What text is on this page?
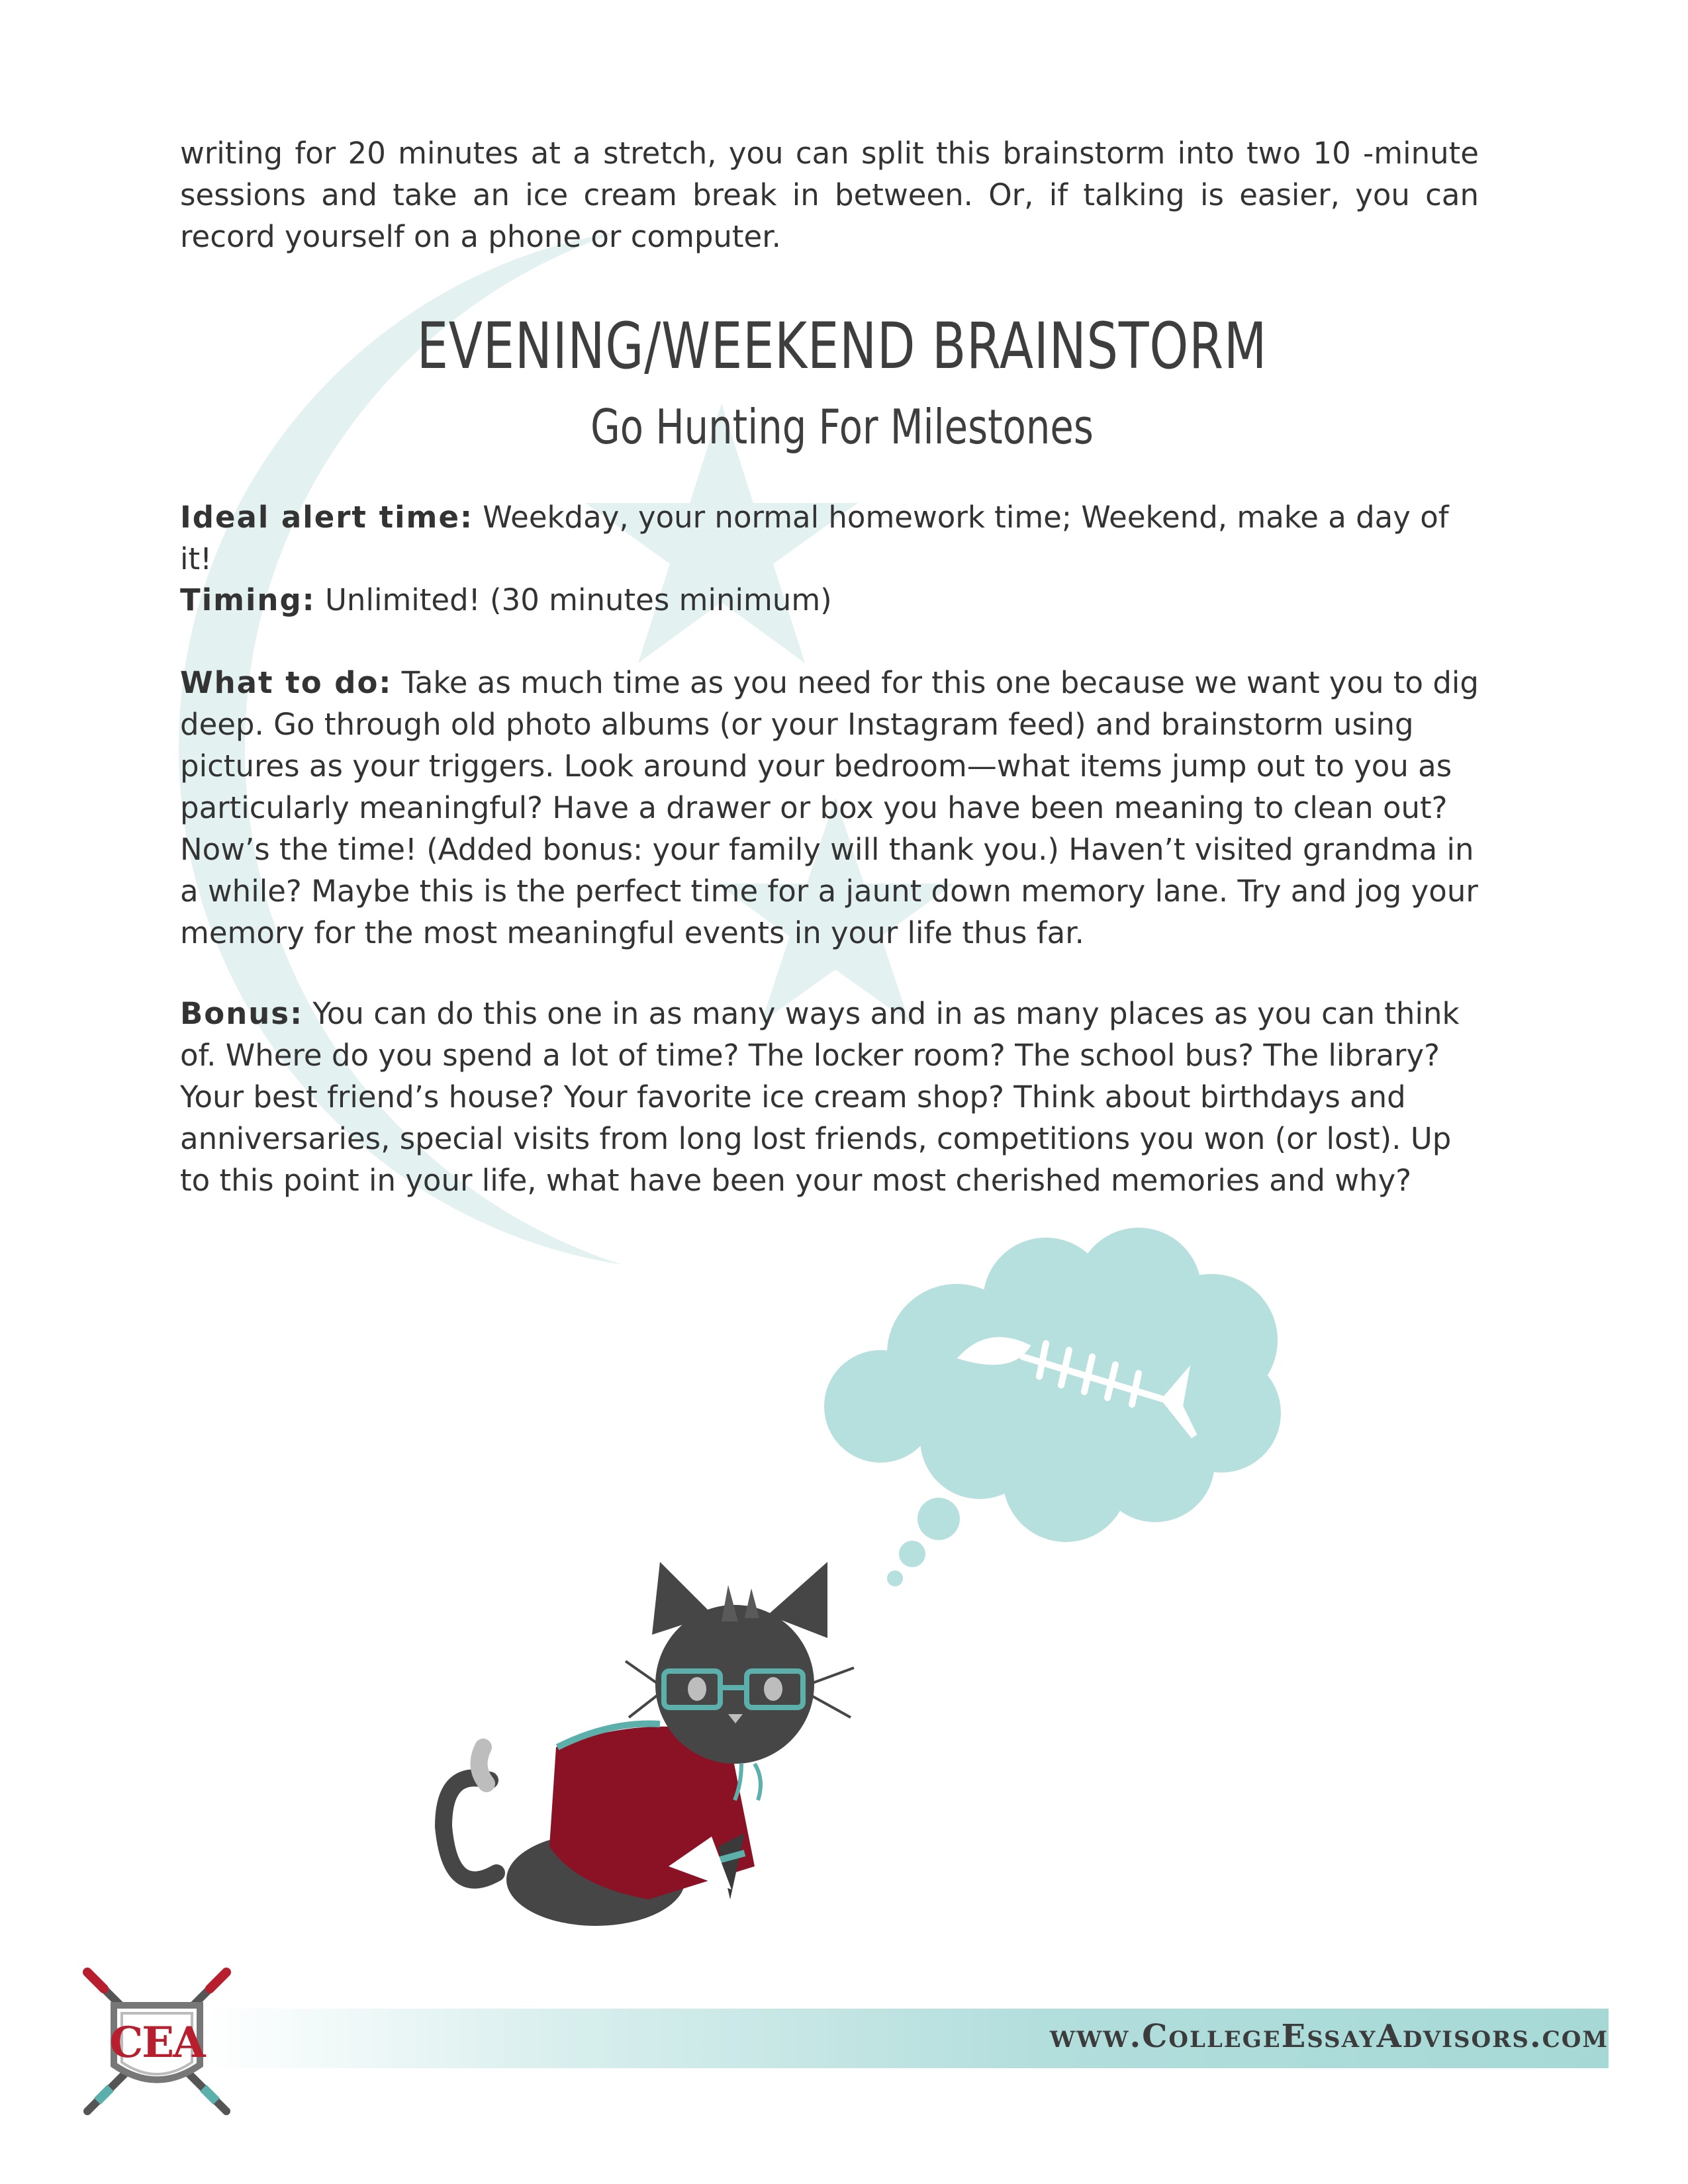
writing for 20 minutes at a stretch, you can split this brainstorm into two 10 -minute sessions and take an ice cream break in between. Or, if talking is easier, you can record yourself on a phone or computer.

EVENING/WEEKEND BRAINSTORM
Go Hunting For Milestones

Ideal alert time: Weekday, your normal homework time; Weekend, make a day of it!

Timing: Unlimited! (30 minutes minimum)

What to do: Take as much time as you need for this one because we want you to dig deep. Go through old photo albums (or your Instagram feed) and brainstorm using pictures as your triggers. Look around your bedroom—what items jump out to you as particularly meaningful? Have a drawer or box you have been meaning to clean out? Now’s the time! (Added bonus: your family will thank you.) Haven’t visited grandma in a while? Maybe this is the perfect time for a jaunt down memory lane. Try and jog your memory for the most meaningful events in your life thus far.

Bonus: You can do this one in as many ways and in as many places as you can think of. Where do you spend a lot of time? The locker room? The school bus? The library? Your best friend’s house? Your favorite ice cream shop? Think about birthdays and anniversaries, special visits from long lost friends, competitions you won (or lost). Up to this point in your life, what have been your most cherished memories and why?

www.CollegeEssayAdvisors.com

CEA
